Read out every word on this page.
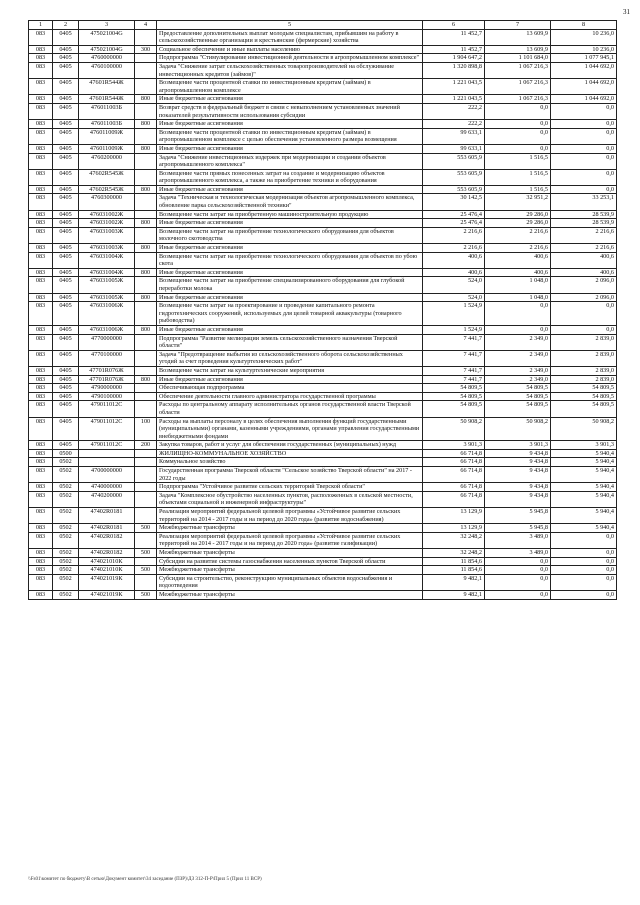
31
1	2	3	4	5	6	7	8
083	0405	475021004G		Предоставление дополнительных выплат молодым специалистам, прибывшим на работу в сельскохозяйственные организации и крестьянские (фермерские) хозяйства	11 452,7	13 609,9	10 236,0
083	0405	475021004G	300	Социальное обеспечение и иные выплаты населению	11 452,7	13 609,9	10 236,0
083	0405	4760000000		Подпрограмма "Стимулирование инвестиционной деятельности в агропромышленном комплексе"	1 904 647,2	1 101 684,0	1 077 945,1
083	0405	4760100000		Задача "Снижение затрат сельскохозяйственных товаропроизводителей на обслуживание инвестиционных кредитов (займов)"	1 320 898,8	1 067 216,3	1 044 692,0
083	0405	47601R544Ж		Возмещение части процентной ставки по инвестиционным кредитам (займам) в агропромышленном комплексе	1 221 043,5	1 067 216,3	1 044 692,0
083	0405	47601R544Ж	800	Иные бюджетные ассигнования	1 221 043,5	1 067 216,3	1 044 692,0
083	0405	476011003Б		Возврат средств в федеральный бюджет в связи с невыполнением установленных значений показателей результативности использования субсидии	222,2	0,0	0,0
083	0405	476011003Б	800	Иные бюджетные ассигнования	222,2	0,0	0,0
083	0405	476011009Ж		Возмещение части процентной ставки по инвестиционным кредитам (займам) в агропромышленном комплексе с целью обеспечения установленного размера возмещения	99 633,1	0,0	0,0
083	0405	476011009Ж	800	Иные бюджетные ассигнования	99 633,1	0,0	0,0
083	0405	4760200000		Задача "Снижение инвестиционных издержек при модернизации и создании объектов агропромышленного комплекса"	553 605,9	1 516,5	0,0
083	0405	47602R545Ж		Возмещение части прямых понесенных затрат на создание и модернизацию объектов агропромышленного комплекса, а также на приобретение техники и оборудования	553 605,9	1 516,5	0,0
083	0405	47602R545Ж	800	Иные бюджетные ассигнования	553 605,9	1 516,5	0,0
083	0405	4760300000		Задача "Техническая и технологическая модернизация объектов агропромышленного комплекса, обновление парка сельскохозяйственной техники"	30 142,5	32 951,2	33 253,1
083	0405	476031002Ж		Возмещение части затрат на приобретенную машиностроительную продукцию	25 476,4	29 286,0	28 539,9
083	0405	476031002Ж	800	Иные бюджетные ассигнования	25 476,4	29 286,0	28 539,9
083	0405	476031003Ж		Возмещение части затрат на приобретение технологического оборудования для объектов молочного скотоводства	2 216,6	2 216,6	2 216,6
083	0405	476031003Ж	800	Иные бюджетные ассигнования	2 216,6	2 216,6	2 216,6
083	0405	476031004Ж		Возмещение части затрат на приобретение технологического оборудования для объектов по убою скота	400,6	400,6	400,6
083	0405	476031004Ж	800	Иные бюджетные ассигнования	400,6	400,6	400,6
083	0405	476031005Ж		Возмещение части затрат на приобретение специализированного оборудования для глубокой переработки молока	524,0	1 048,0	2 096,0
083	0405	476031005Ж	800	Иные бюджетные ассигнования	524,0	1 048,0	2 096,0
083	0405	476031006Ж		Возмещение части затрат на проектирование и проведение капитального ремонта гидротехнических сооружений, используемых для целей товарной аквакультуры (товарного рыбоводства)	1 524,9	0,0	0,0
083	0405	476031006Ж	800	Иные бюджетные ассигнования	1 524,9	0,0	0,0
083	0405	4770000000		Подпрограмма "Развитие мелиорации земель сельскохозяйственного назначения Тверской области"	7 441,7	2 349,0	2 839,0
083	0405	4770100000		Задача "Предотвращение выбытия из сельскохозяйственного оборота сельскохозяйственных угодий за счет проведения культуртехнических работ"	7 441,7	2 349,0	2 839,0
083	0405	47701R076Ж		Возмещение части затрат на культуртехнические мероприятия	7 441,7	2 349,0	2 839,0
083	0405	47701R076Ж	800	Иные бюджетные ассигнования	7 441,7	2 349,0	2 839,0
083	0405	4790000000		Обеспечивающая подпрограмма	54 809,5	54 809,5	54 809,5
083	0405	4790100000		Обеспечение деятельности главного администратора государственной программы	54 809,5	54 809,5	54 809,5
083	0405	479011012С		Расходы по центральному аппарату исполнительных органов государственной власти Тверской области	54 809,5	54 809,5	54 809,5
083	0405	479011012С	100	Расходы на выплаты персоналу в целях обеспечения выполнения функций государственными (муниципальными) органами, казенными учреждениями, органами управления государственными внебюджетными фондами	50 908,2	50 908,2	50 908,2
083	0405	479011012С	200	Закупка товаров, работ и услуг для обеспечения государственных (муниципальных) нужд	3 901,3	3 901,3	3 901,3
083	0500			ЖИЛИЩНО-КОММУНАЛЬНОЕ ХОЗЯЙСТВО	66 714,8	9 434,8	5 940,4
083	0502			Коммунальное хозяйство	66 714,8	9 434,8	5 940,4
083	0502	4700000000		Государственная программа Тверской области "Сельское хозяйство Тверской области" на 2017 - 2022 годы	66 714,8	9 434,8	5 940,4
083	0502	4740000000		Подпрограмма "Устойчивое развитие сельских территорий Тверской области"	66 714,8	9 434,8	5 940,4
083	0502	4740200000		Задача "Комплексное обустройство населенных пунктов, расположенных в сельской местности, объектами социальной и инженерной инфраструктуры"	66 714,8	9 434,8	5 940,4
083	0502	47402R0181		Реализация мероприятий федеральной целевой программы «Устойчивое развитие сельских территорий на 2014 - 2017 годы и на период до 2020 года» (развитие водоснабжения)	13 129,9	5 945,8	5 940,4
083	0502	47402R0181	500	Межбюджетные трансферты	13 129,9	5 945,8	5 940,4
083	0502	47402R0182		Реализация мероприятий федеральной целевой программы «Устойчивое развитие сельских территорий на 2014 - 2017 годы и на период до 2020 года» (развитие газификации)	32 248,2	3 489,0	0,0
083	0502	47402R0182	500	Межбюджетные трансферты	32 248,2	3 489,0	0,0
083	0502	474021010К		Субсидии на развитие системы газоснабжения населенных пунктов Тверской области	11 854,6	0,0	0,0
083	0502	474021010К	500	Межбюджетные трансферты	11 854,6	0,0	0,0
083	0502	474021019К		Субсидии на строительство, реконструкцию муниципальных объектов водоснабжения и водоотведения	9 482,1	0,0	0,0
083	0502	474021019К	500	Межбюджетные трансферты	9 482,1	0,0	0,0
\\Fs01\комитет по бюджету\В сетью\Документ комитет\34 заседание (ПЗР)\ДЗ 312-П-Р\Прил 5 (Прил 11 ВСР)
